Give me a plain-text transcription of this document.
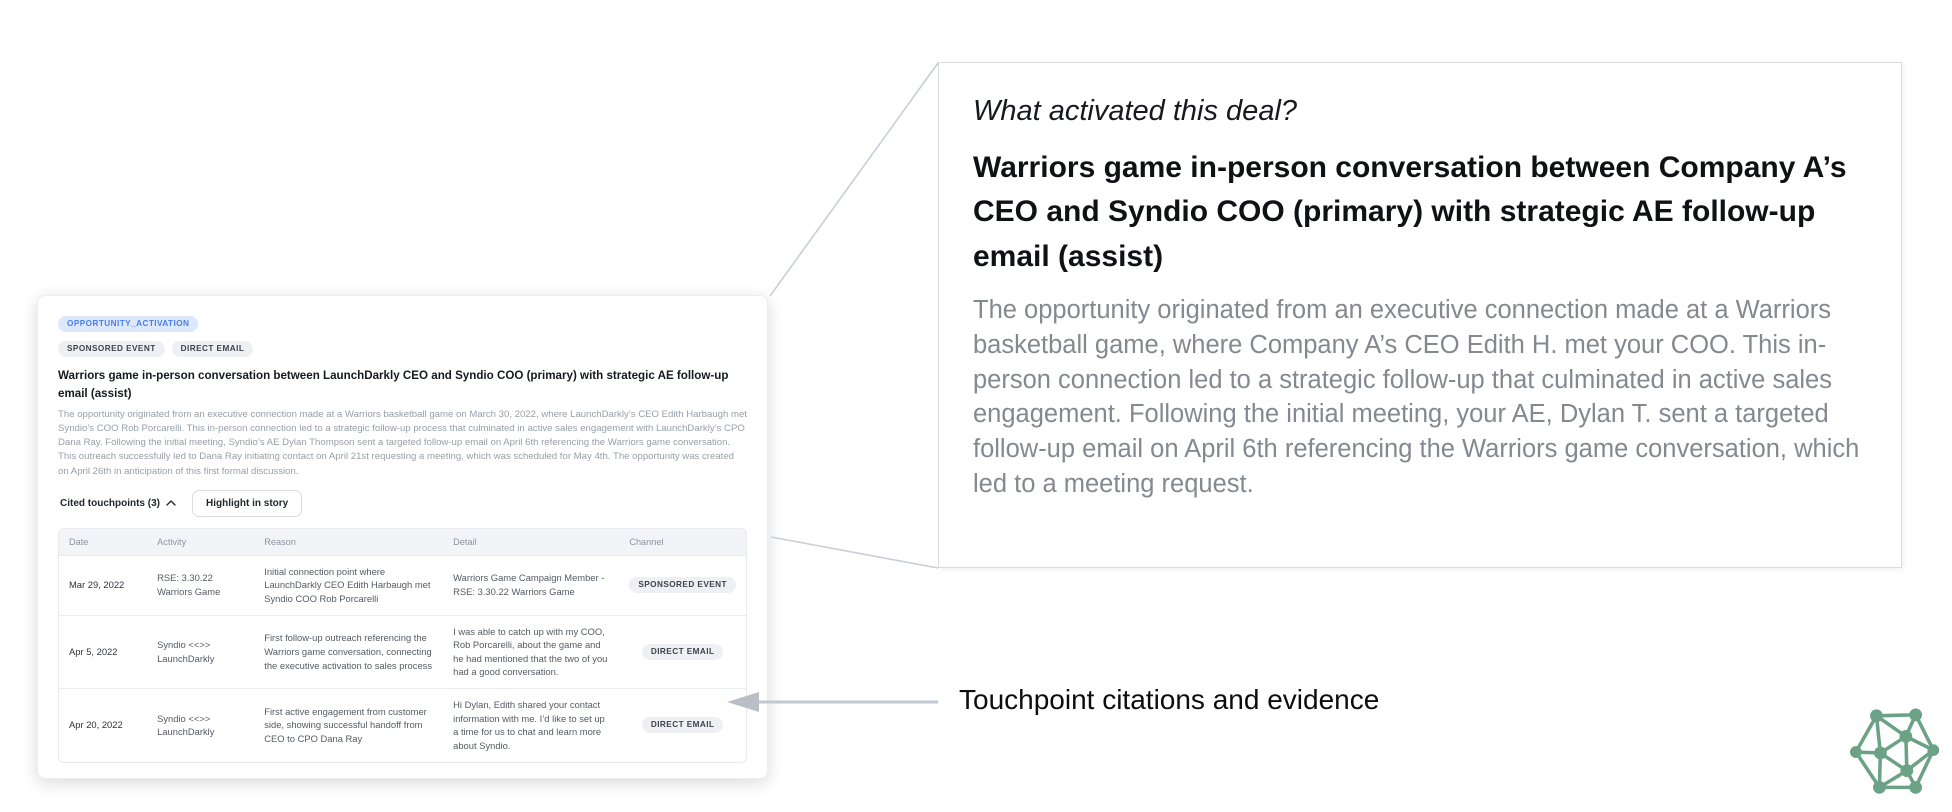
OPPORTUNITY_ACTIVATION
SPONSORED EVENT	DIRECT EMAIL
Warriors game in-person conversation between LaunchDarkly CEO and Syndio COO (primary) with strategic AE follow-up email (assist)

The opportunity originated from an executive connection made at a Warriors basketball game on March 30, 2022, where LaunchDarkly’s CEO Edith Harbaugh met Syndio’s COO Rob Porcarelli. This in-person connection led to a strategic follow-up process that culminated in active sales engagement with LaunchDarkly’s CPO Dana Ray. Following the initial meeting, Syndio’s AE Dylan Thompson sent a targeted follow-up email on April 6th referencing the Warriors game conversation. This outreach successfully led to Dana Ray initiating contact on April 21st requesting a meeting, which was scheduled for May 4th. The opportunity was created on April 26th in anticipation of this first formal discussion.

Cited touchpoints (3)	Highlight in story
Date	Activity	Reason	Detail	Channel
Mar 29, 2022	RSE: 3.30.22 Warriors Game	Initial connection point where LaunchDarkly CEO Edith Harbaugh met Syndio COO Rob Porcarelli	Warriors Game Campaign Member - RSE: 3.30.22 Warriors Game	SPONSORED EVENT
Apr 5, 2022	Syndio <<>> LaunchDarkly	First follow-up outreach referencing the Warriors game conversation, connecting the executive activation to sales process	I was able to catch up with my COO, Rob Porcarelli, about the game and he had mentioned that the two of you had a good conversation.	DIRECT EMAIL
Apr 20, 2022	Syndio <<>> LaunchDarkly	First active engagement from customer side, showing successful handoff from CEO to CPO Dana Ray	Hi Dylan, Edith shared your contact information with me. I’d like to set up a time for us to chat and learn more about Syndio.	DIRECT EMAIL

What activated this deal?

Warriors game in-person conversation between Company A’s CEO and Syndio COO (primary) with strategic AE follow-up email (assist)

The opportunity originated from an executive connection made at a Warriors basketball game, where Company A’s CEO Edith H. met your COO. This in-person connection led to a strategic follow-up that culminated in active sales engagement. Following the initial meeting, your AE, Dylan T. sent a targeted follow-up email on April 6th referencing the Warriors game conversation, which led to a meeting request.

Touchpoint citations and evidence
